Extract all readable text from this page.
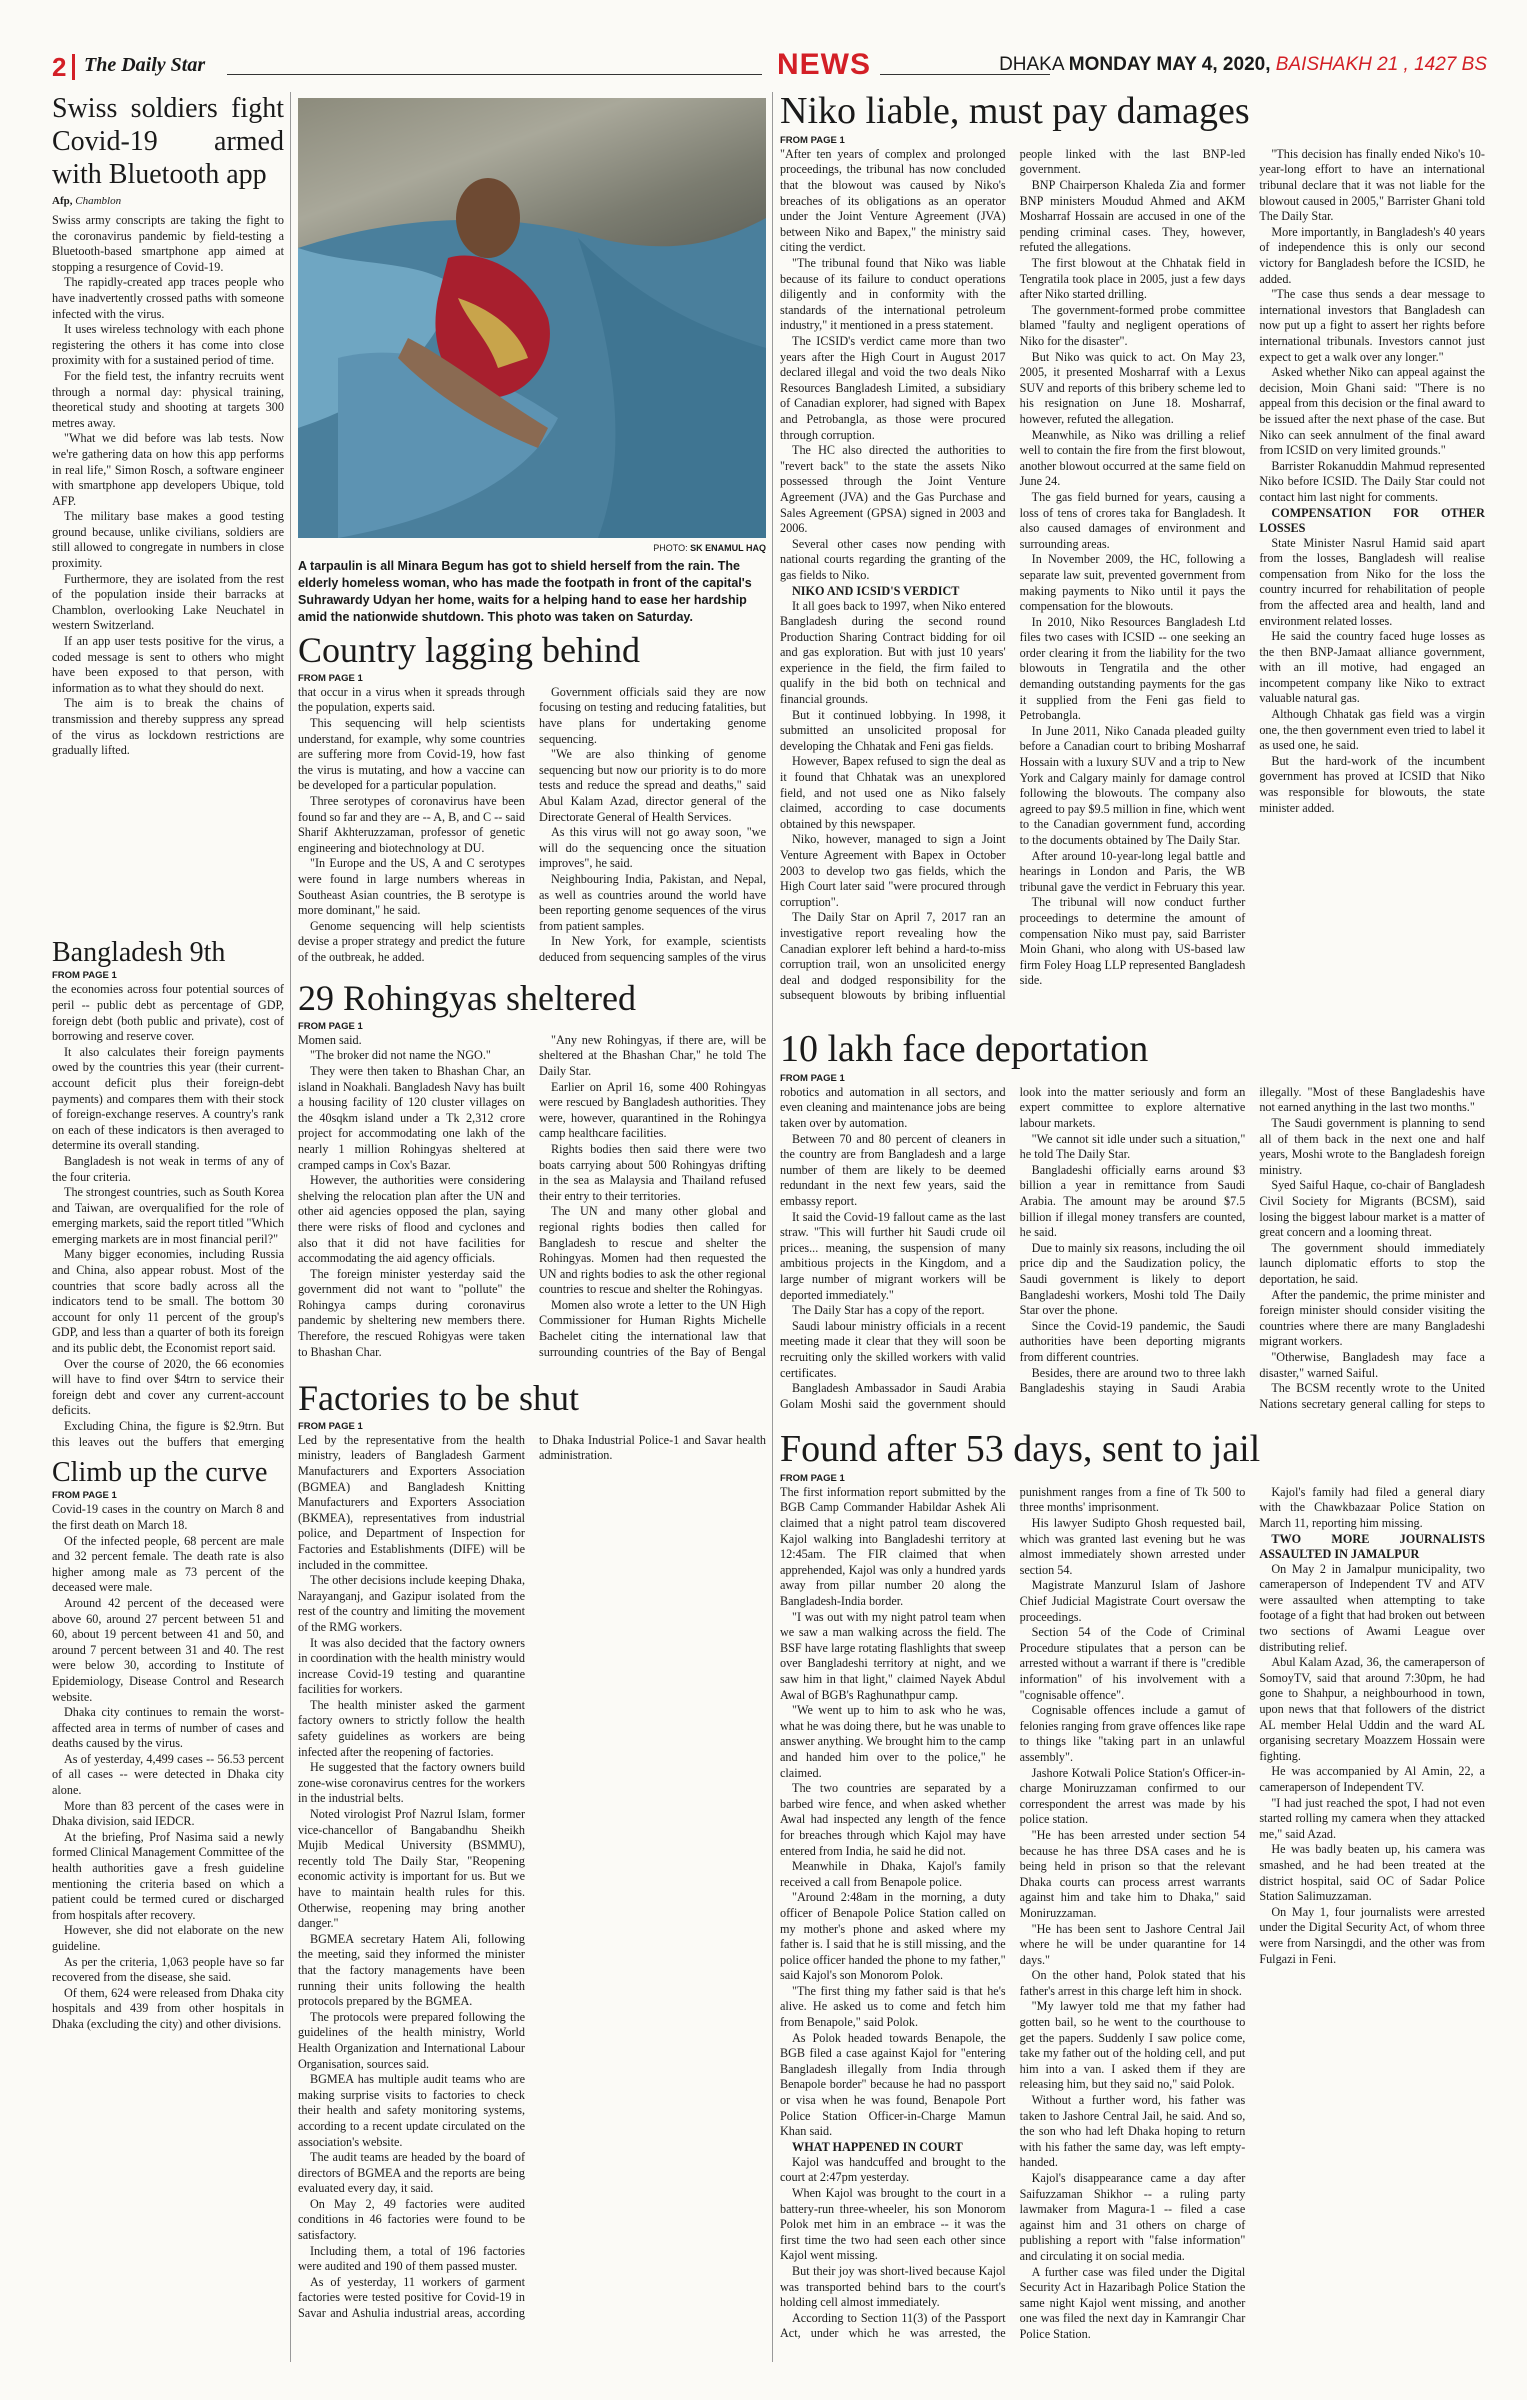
2 The Daily Star	NEWS	DHAKA MONDAY MAY 4, 2020, BAISHAKH 21 , 1427 BS
Swiss soldiers fight Covid-19 armed with Bluetooth app
Afp, Chamblon

Swiss army conscripts are taking the fight to the coronavirus pandemic by field-testing a Bluetooth-based smartphone app aimed at stopping a resurgence of Covid-19.

The rapidly-created app traces people who have inadvertently crossed paths with someone infected with the virus.

It uses wireless technology with each phone registering the others it has come into close proximity with for a sustained period of time.

For the field test, the infantry recruits went through a normal day: physical training, theoretical study and shooting at targets 300 metres away.

"What we did before was lab tests. Now we're gathering data on how this app performs in real life," Simon Rosch, a software engineer with smartphone app developers Ubique, told AFP.

The military base makes a good testing ground because, unlike civilians, soldiers are still allowed to congregate in numbers in close proximity.

Furthermore, they are isolated from the rest of the population inside their barracks at Chamblon, overlooking Lake Neuchatel in western Switzerland.

If an app user tests positive for the virus, a coded message is sent to others who might have been exposed to that person, with information as to what they should do next.

The aim is to break the chains of transmission and thereby suppress any spread of the virus as lockdown restrictions are gradually lifted.

Bangladesh 9th
FROM PAGE 1

the economies across four potential sources of peril -- public debt as percentage of GDP, foreign debt (both public and private), cost of borrowing and reserve cover.

It also calculates their foreign payments owed by the countries this year (their current-account deficit plus their foreign-debt payments) and compares them with their stock of foreign-exchange reserves. A country's rank on each of these indicators is then averaged to determine its overall standing.

Bangladesh is not weak in terms of any of the four criteria.

The strongest countries, such as South Korea and Taiwan, are overqualified for the role of emerging markets, said the report titled "Which emerging markets are in most financial peril?"

Many bigger economies, including Russia and China, also appear robust. Most of the countries that score badly across all the indicators tend to be small. The bottom 30 account for only 11 percent of the group's GDP, and less than a quarter of both its foreign and its public debt, the Economist report said.

Over the course of 2020, the 66 economies will have to find over $4trn to service their foreign debt and cover any current-account deficits.

Excluding China, the figure is $2.9trn. But this leaves out the buffers that emerging

Climb up the curve
FROM PAGE 1

Covid-19 cases in the country on March 8 and the first death on March 18.

Of the infected people, 68 percent are male and 32 percent female. The death rate is also higher among male as 73 percent of the deceased were male.

Around 42 percent of the deceased were above 60, around 27 percent between 51 and 60, about 19 percent between 41 and 50, and around 7 percent between 31 and 40. The rest were below 30, according to Institute of Epidemiology, Disease Control and Research website.

Dhaka city continues to remain the worst-affected area in terms of number of cases and deaths caused by the virus.

As of yesterday, 4,499 cases -- 56.53 percent of all cases -- were detected in Dhaka city alone.

More than 83 percent of the cases were in Dhaka division, said IEDCR.

At the briefing, Prof Nasima said a newly formed Clinical Management Committee of the health authorities gave a fresh guideline mentioning the criteria based on which a patient could be termed cured or discharged from hospitals after recovery.

However, she did not elaborate on the new guideline.

As per the criteria, 1,063 people have so far recovered from the disease, she said.

Of them, 624 were released from Dhaka city hospitals and 439 from other hospitals in Dhaka (excluding the city) and other divisions.

PHOTO: SK ENAMUL HAQ
A tarpaulin is all Minara Begum has got to shield herself from the rain. The elderly homeless woman, who has made the footpath in front of the capital's Suhrawardy Udyan her home, waits for a helping hand to ease her hardship amid the nationwide shutdown. This photo was taken on Saturday.
Country lagging behind
FROM PAGE 1

that occur in a virus when it spreads through the population, experts said.

This sequencing will help scientists understand, for example, why some countries are suffering more from Covid-19, how fast the virus is mutating, and how a vaccine can be developed for a particular population.

Three serotypes of coronavirus have been found so far and they are -- A, B, and C -- said Sharif Akhteruzzaman, professor of genetic engineering and biotechnology at DU.

"In Europe and the US, A and C serotypes were found in large numbers whereas in Southeast Asian countries, the B serotype is more dominant," he said.

Genome sequencing will help scientists devise a proper strategy and predict the future of the outbreak, he added.

Government officials said they are now focusing on testing and reducing fatalities, but have plans for undertaking genome sequencing.

"We are also thinking of genome sequencing but now our priority is to do more tests and reduce the spread and deaths," said Abul Kalam Azad, director general of the Directorate General of Health Services.

As this virus will not go away soon, "we will do the sequencing once the situation improves", he said.

Neighbouring India, Pakistan, and Nepal, as well as countries around the world have been reporting genome sequences of the virus from patient samples.

In New York, for example, scientists deduced from sequencing samples of the virus

29 Rohingyas sheltered
FROM PAGE 1

Momen said.

"The broker did not name the NGO."

They were then taken to Bhashan Char, an island in Noakhali. Bangladesh Navy has built a housing facility of 120 cluster villages on the 40sqkm island under a Tk 2,312 crore project for accommodating one lakh of the nearly 1 million Rohingyas sheltered at cramped camps in Cox's Bazar.

However, the authorities were considering shelving the relocation plan after the UN and other aid agencies opposed the plan, saying there were risks of flood and cyclones and also that it did not have facilities for accommodating the aid agency officials.

The foreign minister yesterday said the government did not want to "pollute" the Rohingya camps during coronavirus pandemic by sheltering new members there. Therefore, the rescued Rohigyas were taken to Bhashan Char.

"Any new Rohingyas, if there are, will be sheltered at the Bhashan Char," he told The Daily Star.

Earlier on April 16, some 400 Rohingyas were rescued by Bangladesh authorities. They were, however, quarantined in the Rohingya camp healthcare facilities.

Rights bodies then said there were two boats carrying about 500 Rohingyas drifting in the sea as Malaysia and Thailand refused their entry to their territories.

The UN and many other global and regional rights bodies then called for Bangladesh to rescue and shelter the Rohingyas. Momen had then requested the UN and rights bodies to ask the other regional countries to rescue and shelter the Rohingyas.

Momen also wrote a letter to the UN High Commissioner for Human Rights Michelle Bachelet citing the international law that surrounding countries of the Bay of Bengal

Factories to be shut
FROM PAGE 1

Led by the representative from the health ministry, leaders of Bangladesh Garment Manufacturers and Exporters Association (BGMEA) and Bangladesh Knitting Manufacturers and Exporters Association (BKMEA), representatives from industrial police, and Department of Inspection for Factories and Establishments (DIFE) will be included in the committee.

The other decisions include keeping Dhaka, Narayanganj, and Gazipur isolated from the rest of the country and limiting the movement of the RMG workers.

It was also decided that the factory owners in coordination with the health ministry would increase Covid-19 testing and quarantine facilities for workers.

The health minister asked the garment factory owners to strictly follow the health safety guidelines as workers are being infected after the reopening of factories.

He suggested that the factory owners build zone-wise coronavirus centres for the workers in the industrial belts.

Noted virologist Prof Nazrul Islam, former vice-chancellor of Bangabandhu Sheikh Mujib Medical University (BSMMU), recently told The Daily Star, "Reopening economic activity is important for us. But we have to maintain health rules for this. Otherwise, reopening may bring another danger."

BGMEA secretary Hatem Ali, following the meeting, said they informed the minister that the factory managements have been running their units following the health protocols prepared by the BGMEA.

The protocols were prepared following the guidelines of the health ministry, World Health Organization and International Labour Organisation, sources said.

BGMEA has multiple audit teams who are making surprise visits to factories to check their health and safety monitoring systems, according to a recent update circulated on the association's website.

The audit teams are headed by the board of directors of BGMEA and the reports are being evaluated every day, it said.

On May 2, 49 factories were audited conditions in 46 factories were found to be satisfactory.

Including them, a total of 196 factories were audited and 190 of them passed muster.

As of yesterday, 11 workers of garment factories were tested positive for Covid-19 in Savar and Ashulia industrial areas, according to Dhaka Industrial Police-1 and Savar health administration.

Niko liable, must pay damages
FROM PAGE 1

"After ten years of complex and prolonged proceedings, the tribunal has now concluded that the blowout was caused by Niko's breaches of its obligations as an operator under the Joint Venture Agreement (JVA) between Niko and Bapex," the ministry said citing the verdict.

"The tribunal found that Niko was liable because of its failure to conduct operations diligently and in conformity with the standards of the international petroleum industry," it mentioned in a press statement.

The ICSID's verdict came more than two years after the High Court in August 2017 declared illegal and void the two deals Niko Resources Bangladesh Limited, a subsidiary of Canadian explorer, had signed with Bapex and Petrobangla, as those were procured through corruption.

The HC also directed the authorities to "revert back" to the state the assets Niko possessed through the Joint Venture Agreement (JVA) and the Gas Purchase and Sales Agreement (GPSA) signed in 2003 and 2006.

Several other cases now pending with national courts regarding the granting of the gas fields to Niko.

NIKO AND ICSID'S VERDICT

It all goes back to 1997, when Niko entered Bangladesh during the second round Production Sharing Contract bidding for oil and gas exploration. But with just 10 years' experience in the field, the firm failed to qualify in the bid both on technical and financial grounds.

But it continued lobbying. In 1998, it submitted an unsolicited proposal for developing the Chhatak and Feni gas fields.

However, Bapex refused to sign the deal as it found that Chhatak was an unexplored field, and not used one as Niko falsely claimed, according to case documents obtained by this newspaper.

Niko, however, managed to sign a Joint Venture Agreement with Bapex in October 2003 to develop two gas fields, which the High Court later said "were procured through corruption".

The Daily Star on April 7, 2017 ran an investigative report revealing how the Canadian explorer left behind a hard-to-miss corruption trail, won an unsolicited energy deal and dodged responsibility for the subsequent blowouts by bribing influential people linked with the last BNP-led government.

BNP Chairperson Khaleda Zia and former BNP ministers Moudud Ahmed and AKM Mosharraf Hossain are accused in one of the pending criminal cases. They, however, refuted the allegations.

The first blowout at the Chhatak field in Tengratila took place in 2005, just a few days after Niko started drilling.

The government-formed probe committee blamed "faulty and negligent operations of Niko for the disaster".

But Niko was quick to act. On May 23, 2005, it presented Mosharraf with a Lexus SUV and reports of this bribery scheme led to his resignation on June 18. Mosharraf, however, refuted the allegation.

Meanwhile, as Niko was drilling a relief well to contain the fire from the first blowout, another blowout occurred at the same field on June 24.

The gas field burned for years, causing a loss of tens of crores taka for Bangladesh. It also caused damages of environment and surrounding areas.

In November 2009, the HC, following a separate law suit, prevented government from making payments to Niko until it pays the compensation for the blowouts.

In 2010, Niko Resources Bangladesh Ltd files two cases with ICSID -- one seeking an order clearing it from the liability for the two blowouts in Tengratila and the other demanding outstanding payments for the gas it supplied from the Feni gas field to Petrobangla.

In June 2011, Niko Canada pleaded guilty before a Canadian court to bribing Mosharraf Hossain with a luxury SUV and a trip to New York and Calgary mainly for damage control following the blowouts. The company also agreed to pay $9.5 million in fine, which went to the Canadian government fund, according to the documents obtained by The Daily Star.

After around 10-year-long legal battle and hearings in London and Paris, the WB tribunal gave the verdict in February this year.

The tribunal will now conduct further proceedings to determine the amount of compensation Niko must pay, said Barrister Moin Ghani, who along with US-based law firm Foley Hoag LLP represented Bangladesh side.

"This decision has finally ended Niko's 10-year-long effort to have an international tribunal declare that it was not liable for the blowout caused in 2005," Barrister Ghani told The Daily Star.

More importantly, in Bangladesh's 40 years of independence this is only our second victory for Bangladesh before the ICSID, he added.

"The case thus sends a dear message to international investors that Bangladesh can now put up a fight to assert her rights before international tribunals. Investors cannot just expect to get a walk over any longer."

Asked whether Niko can appeal against the decision, Moin Ghani said: "There is no appeal from this decision or the final award to be issued after the next phase of the case. But Niko can seek annulment of the final award from ICSID on very limited grounds."

Barrister Rokanuddin Mahmud represented Niko before ICSID. The Daily Star could not contact him last night for comments.

COMPENSATION FOR OTHER LOSSES

State Minister Nasrul Hamid said apart from the losses, Bangladesh will realise compensation from Niko for the loss the country incurred for rehabilitation of people from the affected area and health, land and environment related losses.

He said the country faced huge losses as the then BNP-Jamaat alliance government, with an ill motive, had engaged an incompetent company like Niko to extract valuable natural gas.

Although Chhatak gas field was a virgin one, the then government even tried to label it as used one, he said.

But the hard-work of the incumbent government has proved at ICSID that Niko was responsible for blowouts, the state minister added.

10 lakh face deportation
FROM PAGE 1

robotics and automation in all sectors, and even cleaning and maintenance jobs are being taken over by automation.

Between 70 and 80 percent of cleaners in the country are from Bangladesh and a large number of them are likely to be deemed redundant in the next few years, said the embassy report.

It said the Covid-19 fallout came as the last straw. "This will further hit Saudi crude oil prices... meaning, the suspension of many ambitious projects in the Kingdom, and a large number of migrant workers will be deported immediately."

The Daily Star has a copy of the report.

Saudi labour ministry officials in a recent meeting made it clear that they will soon be recruiting only the skilled workers with valid certificates.

Bangladesh Ambassador in Saudi Arabia Golam Moshi said the government should look into the matter seriously and form an expert committee to explore alternative labour markets.

"We cannot sit idle under such a situation," he told The Daily Star.

Bangladeshi officially earns around $3 billion a year in remittance from Saudi Arabia. The amount may be around $7.5 billion if illegal money transfers are counted, he said.

Due to mainly six reasons, including the oil price dip and the Saudization policy, the Saudi government is likely to deport Bangladeshi workers, Moshi told The Daily Star over the phone.

Since the Covid-19 pandemic, the Saudi authorities have been deporting migrants from different countries.

Besides, there are around two to three lakh Bangladeshis staying in Saudi Arabia illegally. "Most of these Bangladeshis have not earned anything in the last two months."

The Saudi government is planning to send all of them back in the next one and half years, Moshi wrote to the Bangladesh foreign ministry.

Syed Saiful Haque, co-chair of Bangladesh Civil Society for Migrants (BCSM), said losing the biggest labour market is a matter of great concern and a looming threat.

The government should immediately launch diplomatic efforts to stop the deportation, he said.

After the pandemic, the prime minister and foreign minister should consider visiting the countries where there are many Bangladeshi migrant workers.

"Otherwise, Bangladesh may face a disaster," warned Saiful.

The BCSM recently wrote to the United Nations secretary general calling for steps to

Found after 53 days, sent to jail
FROM PAGE 1

The first information report submitted by the BGB Camp Commander Habildar Ashek Ali claimed that a night patrol team discovered Kajol walking into Bangladeshi territory at 12:45am. The FIR claimed that when apprehended, Kajol was only a hundred yards away from pillar number 20 along the Bangladesh-India border.

"I was out with my night patrol team when we saw a man walking across the field. The BSF have large rotating flashlights that sweep over Bangladeshi territory at night, and we saw him in that light," claimed Nayek Abdul Awal of BGB's Raghunathpur camp.

"We went up to him to ask who he was, what he was doing there, but he was unable to answer anything. We brought him to the camp and handed him over to the police," he claimed.

The two countries are separated by a barbed wire fence, and when asked whether Awal had inspected any length of the fence for breaches through which Kajol may have entered from India, he said he did not.

Meanwhile in Dhaka, Kajol's family received a call from Benapole police.

"Around 2:48am in the morning, a duty officer of Benapole Police Station called on my mother's phone and asked where my father is. I said that he is still missing, and the police officer handed the phone to my father," said Kajol's son Monorom Polok.

"The first thing my father said is that he's alive. He asked us to come and fetch him from Benapole," said Polok.

As Polok headed towards Benapole, the BGB filed a case against Kajol for "entering Bangladesh illegally from India through Benapole border" because he had no passport or visa when he was found, Benapole Port Police Station Officer-in-Charge Mamun Khan said.

WHAT HAPPENED IN COURT

Kajol was handcuffed and brought to the court at 2:47pm yesterday.

When Kajol was brought to the court in a battery-run three-wheeler, his son Monorom Polok met him in an embrace -- it was the first time the two had seen each other since Kajol went missing.

But their joy was short-lived because Kajol was transported behind bars to the court's holding cell almost immediately.

According to Section 11(3) of the Passport Act, under which he was arrested, the punishment ranges from a fine of Tk 500 to three months' imprisonment.

His lawyer Sudipto Ghosh requested bail, which was granted last evening but he was almost immediately shown arrested under section 54.

Magistrate Manzurul Islam of Jashore Chief Judicial Magistrate Court oversaw the proceedings.

Section 54 of the Code of Criminal Procedure stipulates that a person can be arrested without a warrant if there is "credible information" of his involvement with a "cognisable offence".

Cognisable offences include a gamut of felonies ranging from grave offences like rape to things like "taking part in an unlawful assembly".

Jashore Kotwali Police Station's Officer-in-charge Moniruzzaman confirmed to our correspondent the arrest was made by his police station.

"He has been arrested under section 54 because he has three DSA cases and he is being held in prison so that the relevant Dhaka courts can process arrest warrants against him and take him to Dhaka," said Moniruzzaman.

"He has been sent to Jashore Central Jail where he will be under quarantine for 14 days."

On the other hand, Polok stated that his father's arrest in this charge left him in shock.

"My lawyer told me that my father had gotten bail, so he went to the courthouse to get the papers. Suddenly I saw police come, take my father out of the holding cell, and put him into a van. I asked them if they are releasing him, but they said no," said Polok.

Without a further word, his father was taken to Jashore Central Jail, he said. And so, the son who had left Dhaka hoping to return with his father the same day, was left empty-handed.

Kajol's disappearance came a day after Saifuzzaman Shikhor -- a ruling party lawmaker from Magura-1 -- filed a case against him and 31 others on charge of publishing a report with "false information" and circulating it on social media.

A further case was filed under the Digital Security Act in Hazaribagh Police Station the same night Kajol went missing, and another one was filed the next day in Kamrangir Char Police Station.

Kajol's family had filed a general diary with the Chawkbazaar Police Station on March 11, reporting him missing.

TWO MORE JOURNALISTS ASSAULTED IN JAMALPUR

On May 2 in Jamalpur municipality, two cameraperson of Independent TV and ATV were assaulted when attempting to take footage of a fight that had broken out between two sections of Awami League over distributing relief.

Abul Kalam Azad, 36, the cameraperson of SomoyTV, said that around 7:30pm, he had gone to Shahpur, a neighbourhood in town, upon news that that followers of the district AL member Helal Uddin and the ward AL organising secretary Moazzem Hossain were fighting.

He was accompanied by Al Amin, 22, a cameraperson of Independent TV.

"I had just reached the spot, I had not even started rolling my camera when they attacked me," said Azad.

He was badly beaten up, his camera was smashed, and he had been treated at the district hospital, said OC of Sadar Police Station Salimuzzaman.

On May 1, four journalists were arrested under the Digital Security Act, of whom three were from Narsingdi, and the other was from Fulgazi in Feni.
